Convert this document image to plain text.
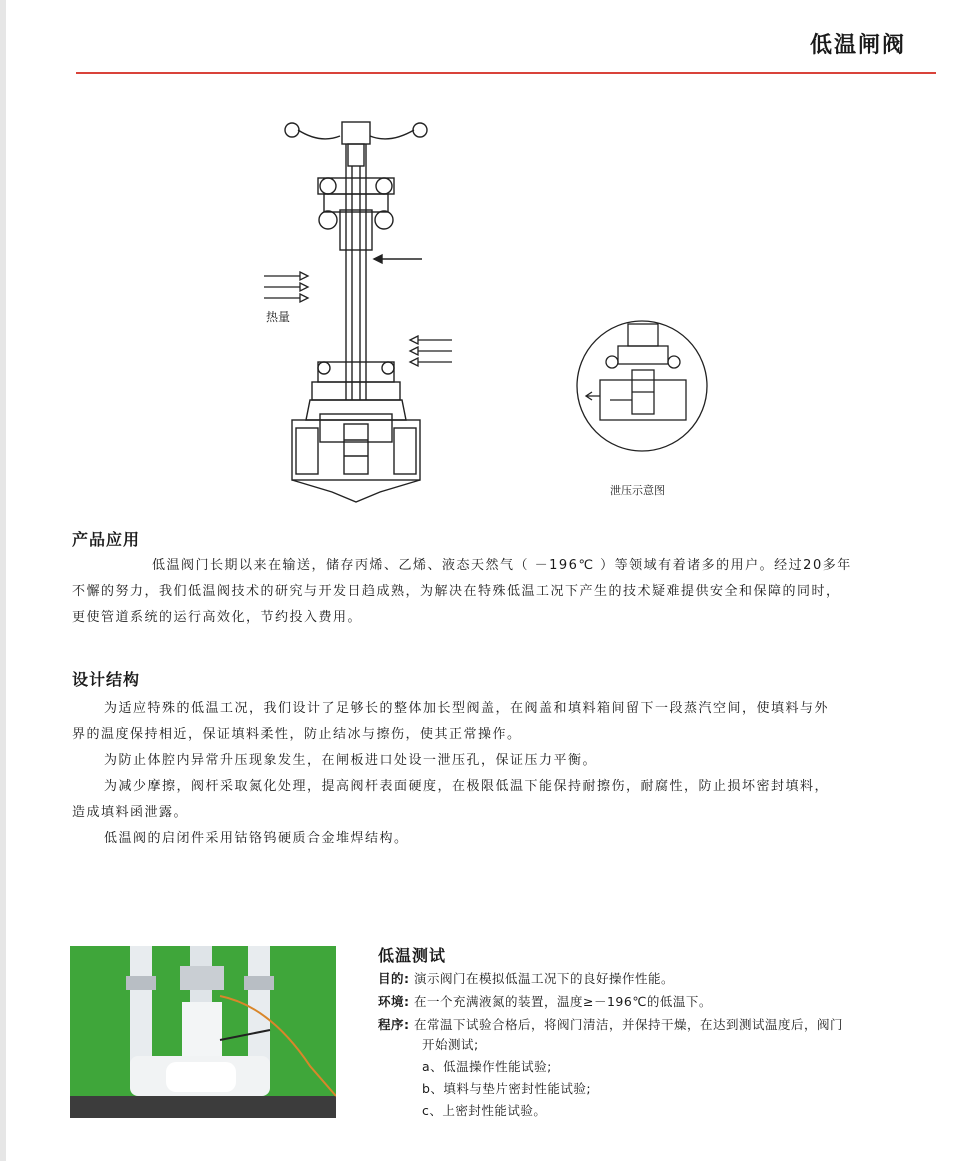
低温闸阀
热量
泄压示意图
产品应用

低温阀门长期以来在输送，储存丙烯、乙烯、液态天然气（ －196℃ ）等领域有着诸多的用户。经过20多年

不懈的努力，我们低温阀技术的研究与开发日趋成熟，为解决在特殊低温工况下产生的技术疑难提供安全和保障的同时，

更使管道系统的运行高效化，节约投入费用。

设计结构

为适应特殊的低温工况，我们设计了足够长的整体加长型阀盖，在阀盖和填料箱间留下一段蒸汽空间，使填料与外

界的温度保持相近，保证填料柔性，防止结冰与擦伤，使其正常操作。

为防止体腔内异常升压现象发生，在闸板进口处设一泄压孔，保证压力平衡。

为减少摩擦，阀杆采取氮化处理，提高阀杆表面硬度，在极限低温下能保持耐擦伤，耐腐性，防止损坏密封填料，

造成填料函泄露。

低温阀的启闭件采用钴铬钨硬质合金堆焊结构。

低温测试

目的: 演示阀门在模拟低温工况下的良好操作性能。

环境: 在一个充满液氮的装置，温度≥－196℃的低温下。

程序: 在常温下试验合格后，将阀门清洁，并保持干燥，在达到测试温度后，阀门

开始测试;

a、低温操作性能试验;

b、填料与垫片密封性能试验;

c、上密封性能试验。
